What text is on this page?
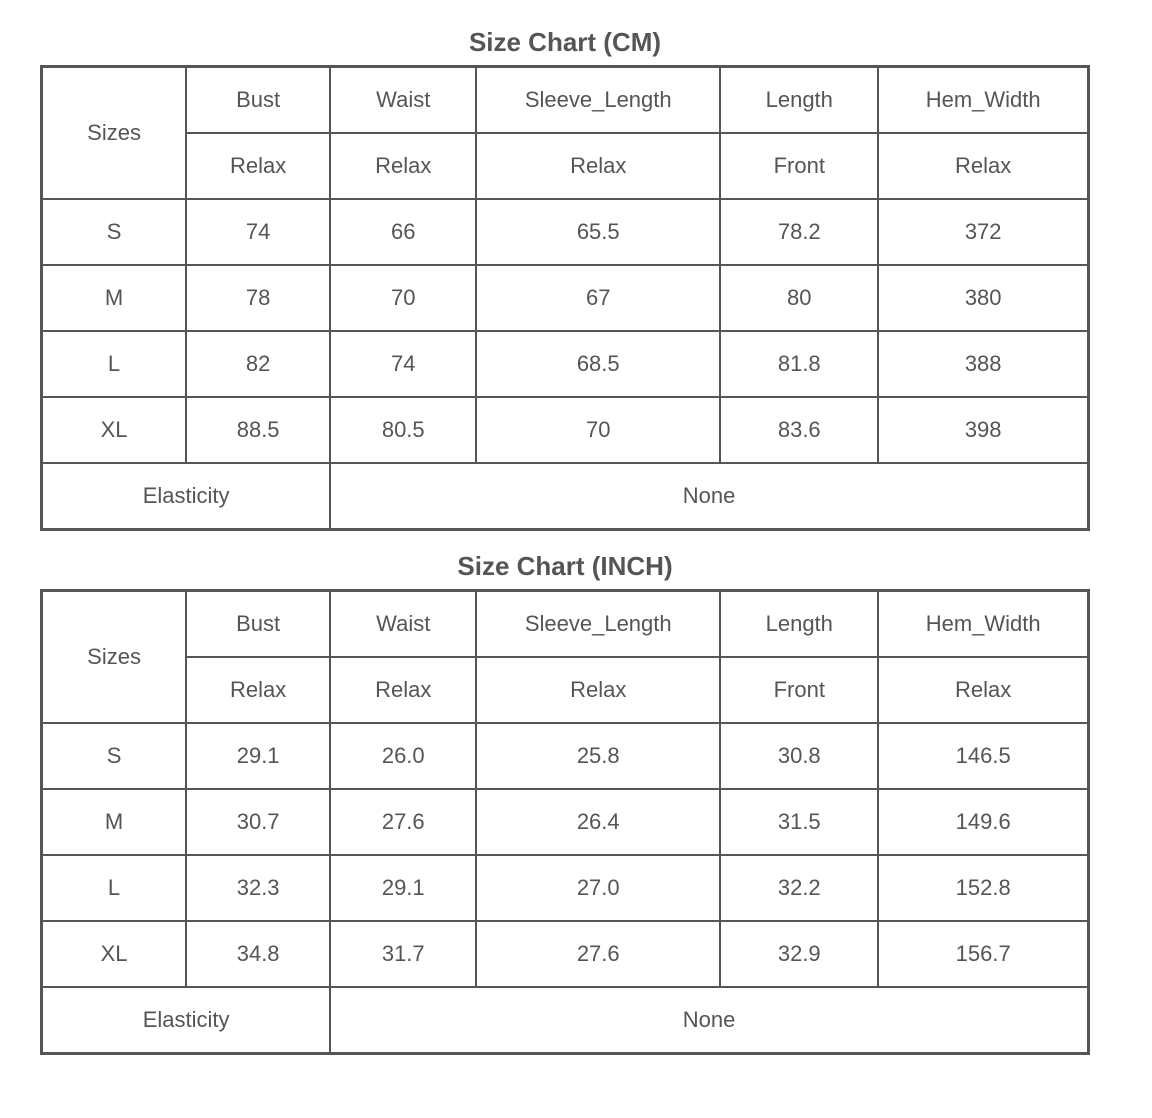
Size Chart (CM)
Sizes	Bust	Waist	Sleeve_Length	Length	Hem_Width
	Relax	Relax	Relax	Front	Relax
S	74	66	65.5	78.2	372
M	78	70	67	80	380
L	82	74	68.5	81.8	388
XL	88.5	80.5	70	83.6	398
Elasticity		None			
Size Chart (INCH)
Sizes	Bust	Waist	Sleeve_Length	Length	Hem_Width
	Relax	Relax	Relax	Front	Relax
S	29.1	26.0	25.8	30.8	146.5
M	30.7	27.6	26.4	31.5	149.6
L	32.3	29.1	27.0	32.2	152.8
XL	34.8	31.7	27.6	32.9	156.7
Elasticity		None			
